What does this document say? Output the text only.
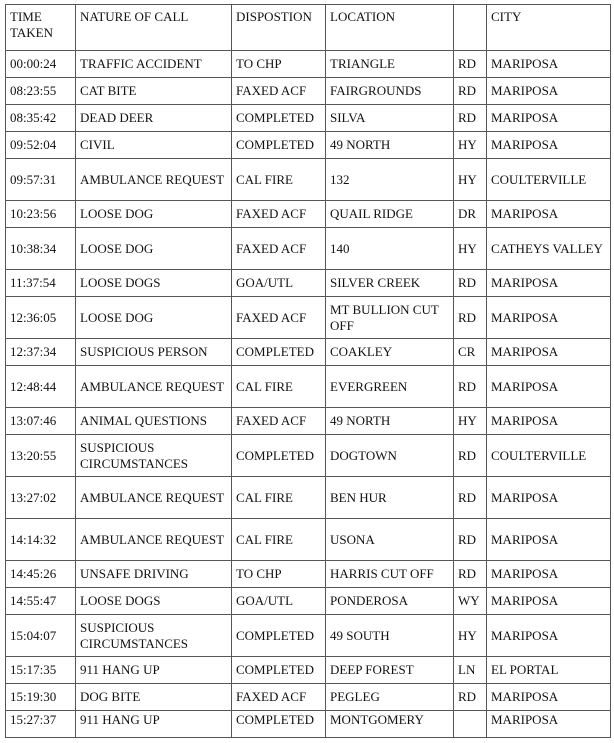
TIME TAKEN	NATURE OF CALL	DISPOSTION	LOCATION		CITY
00:00:24	TRAFFIC ACCIDENT	TO CHP	TRIANGLE	RD	MARIPOSA
08:23:55	CAT BITE	FAXED ACF	FAIRGROUNDS	RD	MARIPOSA
08:35:42	DEAD DEER	COMPLETED	SILVA	RD	MARIPOSA
09:52:04	CIVIL	COMPLETED	49 NORTH	HY	MARIPOSA
09:57:31	AMBULANCE REQUEST	CAL FIRE	132	HY	COULTERVILLE
10:23:56	LOOSE DOG	FAXED ACF	QUAIL RIDGE	DR	MARIPOSA
10:38:34	LOOSE DOG	FAXED ACF	140	HY	CATHEYS VALLEY
11:37:54	LOOSE DOGS	GOA/UTL	SILVER CREEK	RD	MARIPOSA
12:36:05	LOOSE DOG	FAXED ACF	MT BULLION CUT OFF	RD	MARIPOSA
12:37:34	SUSPICIOUS PERSON	COMPLETED	COAKLEY	CR	MARIPOSA
12:48:44	AMBULANCE REQUEST	CAL FIRE	EVERGREEN	RD	MARIPOSA
13:07:46	ANIMAL QUESTIONS	FAXED ACF	49 NORTH	HY	MARIPOSA
13:20:55	SUSPICIOUS CIRCUMSTANCES	COMPLETED	DOGTOWN	RD	COULTERVILLE
13:27:02	AMBULANCE REQUEST	CAL FIRE	BEN HUR	RD	MARIPOSA
14:14:32	AMBULANCE REQUEST	CAL FIRE	USONA	RD	MARIPOSA
14:45:26	UNSAFE DRIVING	TO CHP	HARRIS CUT OFF	RD	MARIPOSA
14:55:47	LOOSE DOGS	GOA/UTL	PONDEROSA	WY	MARIPOSA
15:04:07	SUSPICIOUS CIRCUMSTANCES	COMPLETED	49 SOUTH	HY	MARIPOSA
15:17:35	911 HANG UP	COMPLETED	DEEP FOREST	LN	EL PORTAL
15:19:30	DOG BITE	FAXED ACF	PEGLEG	RD	MARIPOSA
15:27:37	911 HANG UP	COMPLETED	MONTGOMERY		MARIPOSA
